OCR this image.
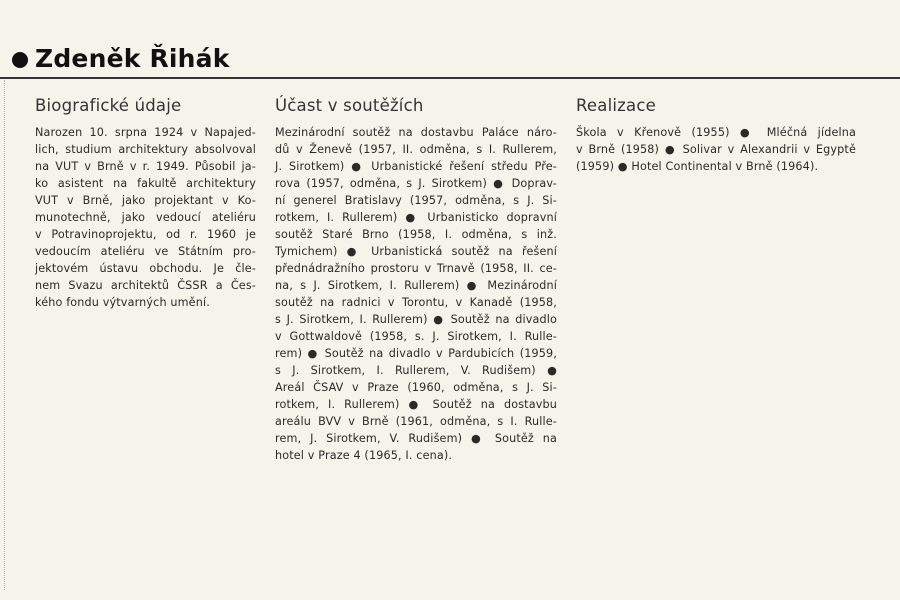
Zdeněk Řihák
Biografické údaje
Narozen 10. srpna 1924 v Napajed-
lich, studium architektury absolvoval
na VUT v Brně v r. 1949. Působil ja-
ko asistent na fakultě architektury
VUT v Brně, jako projektant v Ko-
munotechně, jako vedoucí ateliéru
v Potravinoprojektu, od r. 1960 je
vedoucím ateliéru ve Státním pro-
jektovém ústavu obchodu. Je čle-
nem Svazu architektů ČSSR a Čes-
kého fondu výtvarných umění.
Účast v soutěžích
Mezinárodní soutěž na dostavbu Paláce náro-
dů v Ženevě (1957, II. odměna, s I. Rullerem,
J. Sirotkem) ● Urbanistické řešení středu Pře-
rova (1957, odměna, s J. Sirotkem) ● Doprav-
ní generel Bratislavy (1957, odměna, s J. Si-
rotkem, I. Rullerem) ● Urbanisticko dopravní
soutěž Staré Brno (1958, I. odměna, s inž.
Tymichem) ● Urbanistická soutěž na řešení
přednádražního prostoru v Trnavě (1958, II. ce-
na, s J. Sirotkem, I. Rullerem) ● Mezinárodní
soutěž na radnici v Torontu, v Kanadě (1958,
s J. Sirotkem, I. Rullerem) ● Soutěž na divadlo
v Gottwaldově (1958, s. J. Sirotkem, I. Rulle-
rem) ● Soutěž na divadlo v Pardubicích (1959,
s J. Sirotkem, I. Rullerem, V. Rudišem) ●
Areál ČSAV v Praze (1960, odměna, s J. Si-
rotkem, I. Rullerem) ● Soutěž na dostavbu
areálu BVV v Brně (1961, odměna, s I. Rulle-
rem, J. Sirotkem, V. Rudišem) ● Soutěž na
hotel v Praze 4 (1965, I. cena).
Realizace
Škola v Křenově (1955) ● Mléčná jídelna
v Brně (1958) ● Solivar v Alexandrii v Egyptě
(1959) ● Hotel Continental v Brně (1964).
